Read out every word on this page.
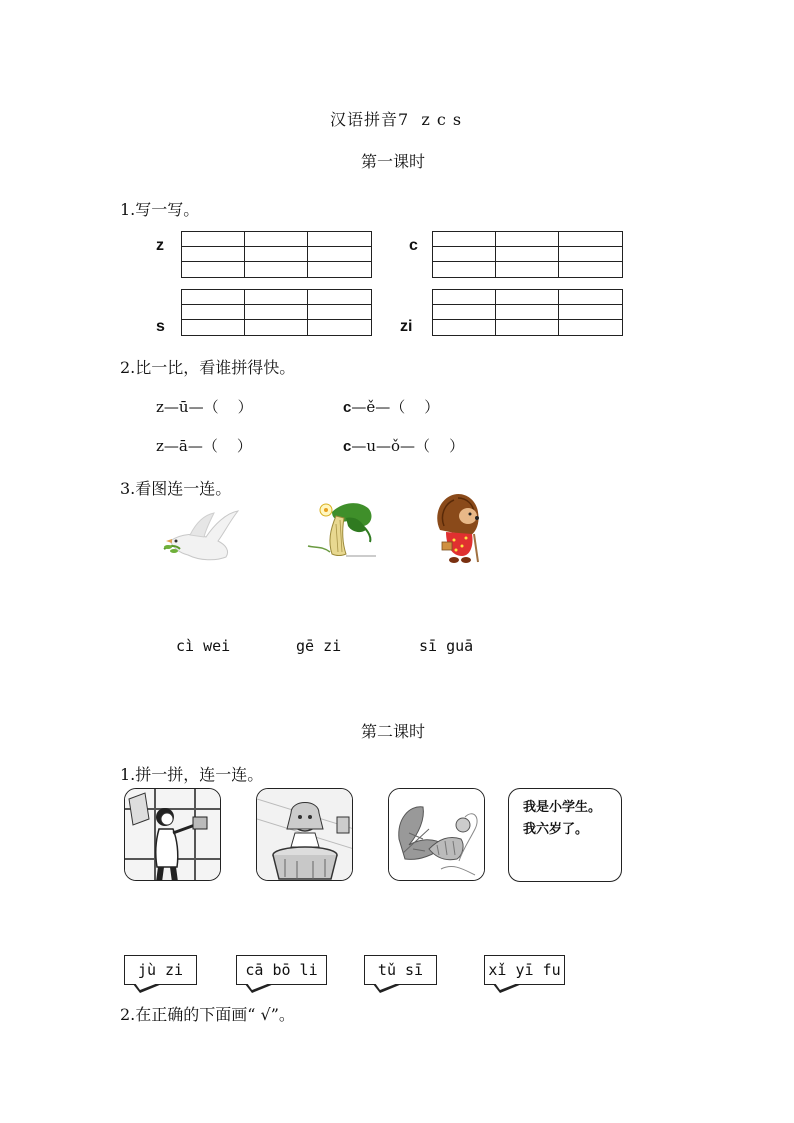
汉语拼音7  z c s
第一课时
1.写一写。
z	c
s	zi
2.比一比，看谁拼得快。
z—ū—（    ）	c—ě—（    ）
z—ā—（    ）	c—u—ǒ—（    ）
3.看图连一连。
cì wei	gē zi	sī guā
第二课时
1.拼一拼，连一连。
我是小学生。
我六岁了。
jù zi	cā bō li	tǔ sī	xǐ yī fu
2.在正确的下面画“ √”。
